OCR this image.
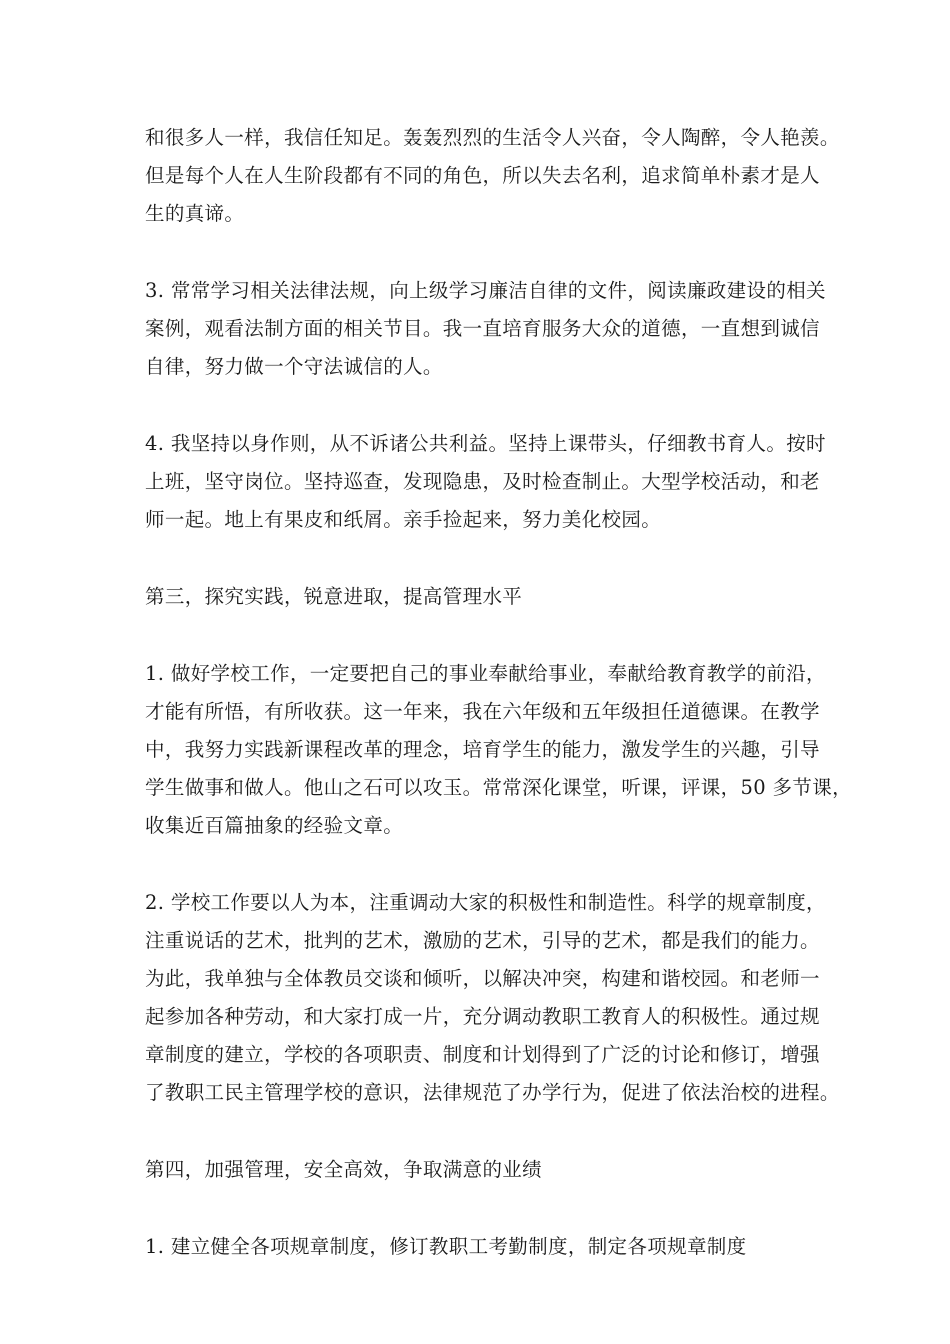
和很多人一样，我信任知足。轰轰烈烈的生活令人兴奋，令人陶醉，令人艳羡。
但是每个人在人生阶段都有不同的角色，所以失去名利，追求简单朴素才是人
生的真谛。
3. 常常学习相关法律法规，向上级学习廉洁自律的文件，阅读廉政建设的相关
案例，观看法制方面的相关节目。我一直培育服务大众的道德，一直想到诚信
自律，努力做一个守法诚信的人。
4. 我坚持以身作则，从不诉诸公共利益。坚持上课带头，仔细教书育人。按时
上班，坚守岗位。坚持巡查，发现隐患，及时检查制止。大型学校活动，和老
师一起。地上有果皮和纸屑。亲手捡起来，努力美化校园。
第三，探究实践，锐意进取，提高管理水平
1. 做好学校工作，一定要把自己的事业奉献给事业，奉献给教育教学的前沿，
才能有所悟，有所收获。这一年来，我在六年级和五年级担任道德课。在教学
中，我努力实践新课程改革的理念，培育学生的能力，激发学生的兴趣，引导
学生做事和做人。他山之石可以攻玉。常常深化课堂，听课，评课，50 多节课，
收集近百篇抽象的经验文章。
2. 学校工作要以人为本，注重调动大家的积极性和制造性。科学的规章制度，
注重说话的艺术，批判的艺术，激励的艺术，引导的艺术，都是我们的能力。
为此，我单独与全体教员交谈和倾听，以解决冲突，构建和谐校园。和老师一
起参加各种劳动，和大家打成一片，充分调动教职工教育人的积极性。通过规
章制度的建立，学校的各项职责、制度和计划得到了广泛的讨论和修订，增强
了教职工民主管理学校的意识，法律规范了办学行为，促进了依法治校的进程。
第四，加强管理，安全高效，争取满意的业绩
1. 建立健全各项规章制度，修订教职工考勤制度，制定各项规章制度
